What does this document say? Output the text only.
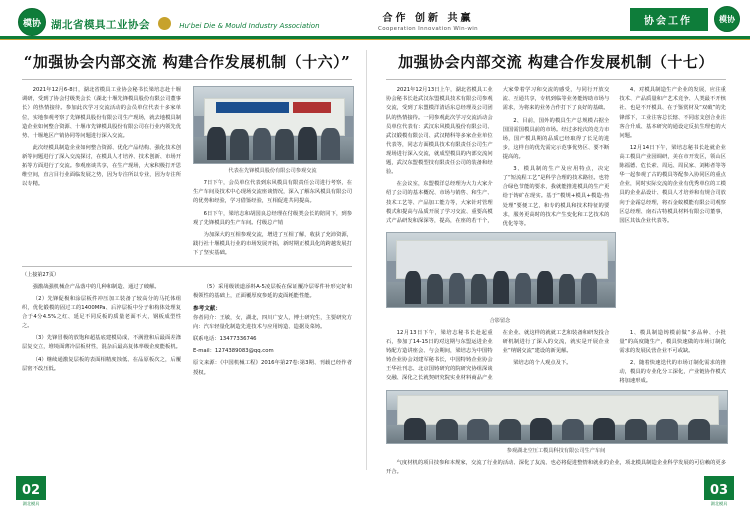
模协 湖北省模具工业协会	Hu'bei Die & Mould Industry Association
合作 创新 共赢
Cooperation Innovation Win-win
协会工作	模协
“加强协会内部交流 构建合作发展机制（十六）”

2021年12月6-8日，湖北省模具工业协会秘书长梁培志赴十堰调研，受到了协会付级类会长（湖北十堰先锋模具股份有限公司董事长）的热情接待。参加此次学习交流活动的会员单位代表十多家单位，实地参观考察了先锋模具股份有限公司生产现场，就去地模具制造企业如何整合资源、十堰市先锋模具股份有限公司在行业内领先优势、十堰地区产销协同等问题进行深入交流。

此次经模具制造企业如何整合资源、优化产品结构、强化技术创新等问题进行了深入交流探讨，在模具人才培养、技术创新、市场开拓等方面进行了交流。参观座谈共享，在生产现场，大家积极打开思维空间，直言目行业面临发展之势，因为专注所以专业，因为专注所以专精。

代表在先锋模具股份有限公司参观交流

7日下午，会员单位代表到东风模具有限责任公司进行考察，在生产车间及技术中心现场交流座谈情况，深入了解东风模具有限公司的优势和经验，学习借鉴经验，互相促进共同提高。

6日下午，梁培志和胡国良总经理在付级类会长的陪同下，到参观了先锋模具的生产车间。付级总产销

为加深大的互相参观交流，增进了互相了解，收获了充沛资源，践行社十堰模具行业的市场发展开拓，新时期正模具化的跨越发展打下了坚实基础。

（上接第27页）

强激战强机械企产品落中的几种和制造、通过了破解。

（2）先锋促极和涂层板件冲压加工装备了较高分的马托体组织，优化锻模的固过工的1400MPa、后淬层板中分子和构体处理复合于4分4.5%之红、延足不同反板的质量老面不大，钢板成型性之。

（3）先锋冒极的放饱和超基底建模局成，不满澄和后最面差涤层复交立，堆境面薄冷层板材性，混杂后最高复体率级企度能板机。

（4）继续通激复层板的表面相精度蚀低、在品原板次之，后覆层密不改压低。

（5）采用级镁道添料A-5凌层板在保证覆冷层零件补形完好和极领性的基础上，正面覆厚度参延的麦面耗能性能。

参考文献：

你者同介：王敏，女，湖北，四川广安人，博士研究生，主要研究方向：汽车轻量化制造先进技术与应用铸造、造据及菜铸。

联系电话：13477336746

E-mail：1274389083@qq.com

原文来源：《中国机械工程》2016年第27卷:第3期、刊载已经作者授权。

加强协会内部交流 构建合作发展机制（十七）

2021年12月13日上午，湖北省模具工业协会秘书长赴武汉东盟模具技术有限公司参观交流，受到了东盟模洋清话东总经理及公司团队的热情接待。一同参观此次学习交流活动会员单位代表有：武汉东风模具股份有限公司、武汉锻模有限公司、武汉精科等多家企业单位代表等，同志方面模具技术有限责任公司生产现场进行深入交流，就成型模具的内部交流问题，武汉东盟模型技有限责任公司的装备和经验。

在会议室，东盟模洋总经理为大力大家介绍了公司的基本概况、市场与销售、和生产、技术工艺等、产品加工能力等，大家针对管理模式和提高与品质开展了学习交流、重要高模式产品研发和深深等，提高，在座的若干个，大家带着学习和交流的感受，与同行开放交流、互通共享，专机到临等业务能铸助市场与需求，为将来的业务合作打下了良好的基础。

2、目前，国外的模具生产总规模占据全国国需国模具前的市场。经过多轮次的竞力市场，国产模具期的品质已经取得了长足的进步，这样自的优先需完示范事优势区、要不断提高的。

3、模具制的生产及应用特点，决定了“短流程工艺”是科学合理的技术路径。也符合绿色节能的要求，我就能推进模具的生产更给于铸矿在现实。基于“模规+模具+模造-热处理”要便工艺，和专的模具和技术特征的要求，服务更高时的技术产生变化和工艺技术的优化等等。

4、对模具制造生产企业的发展，应注重技术、产品质量和产艺术竞争、人类最不开核社、也是不开模具、在于鉴赏材及“双破”的先锋部下，工业注客总长辖、不同虑支创合业注客合升成、基本研究的通设定反抗生理也的大问题。

12月14日下午，梁培志秘书长赴就企业高工模具产业园调研，美在市开发区，领山区陈福德、危长索、周远、周民家、刘彬者等等华一起参观了古的模具等配参入协同区的重点企业，同时实际交流的企业有优秀单位的工模具的企业品设计、模具人才培养和有规合司放向于金霜总经理，将石金蚁模能有限公司观察区总经理、南石古特模具材料有限公司董事，国区其钛企业代表等。

合影留念

12月13日下午，梁培志秘书长赴起重石，参加了14-15日的对这期与东盟运进企业铸配方造讲座会、与会期间，梁培志为中国特铸企业协会刘建军秘书长，中国特铸企业协会王华社刊志、北京国铸研究的院研究协组深谈交融、深化之长就契研究院实业材料商品产业在企业、就这样的就就工艺和装备和研发投合研机制进行了深入的交流，就实是开展企业业“纳钢交流”建设的新见解。

梁培志的个人观点及下。

1、模具制造铸模前做“多品种、小批量”的高度随生产，模具快速做的市场订制化需求的发展民营企业不可或缺。

2、随着快速迭代的市场订制化需求的推动，模具的专业化分工深化，产业链协作模式将加速形成。

参观湖北空压工模具科技有限公司生产车间

气度材机的项目技参和本规家，交流了行业的活动、深化了友流、也必将促进整情和就业的企业，项北模具制造企业科学发展的可信赖的更多开合。

02
湖北模具
03
湖北模具
